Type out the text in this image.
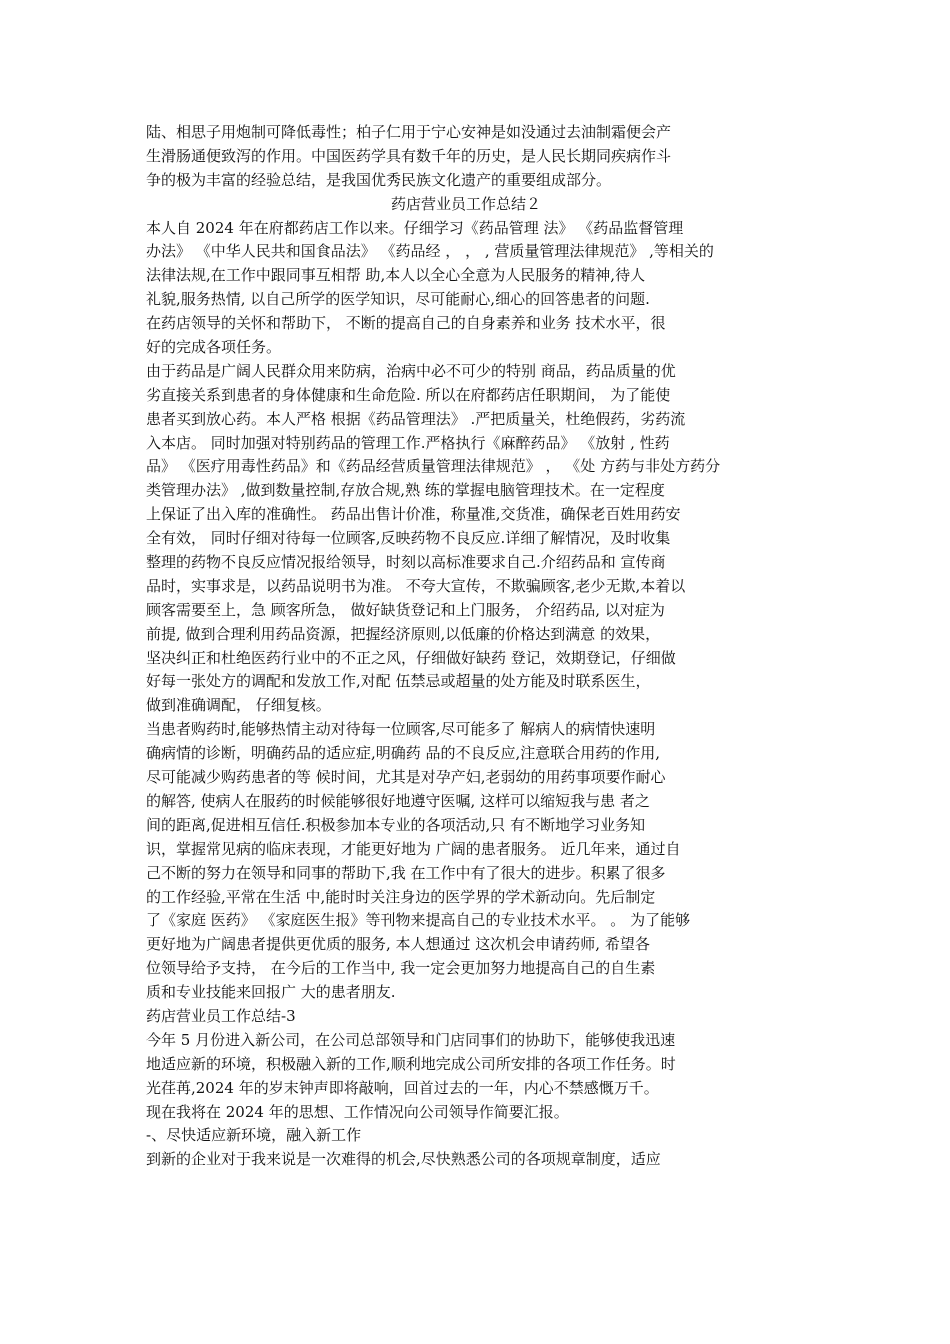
陆、相思子用炮制可降低毒性；柏子仁用于宁心安神是如没通过去油制霜便会产
生滑肠通便致泻的作用。中国医药学具有数千年的历史，是人民长期同疾病作斗
争的极为丰富的经验总结，是我国优秀民族文化遗产的重要组成部分。
药店营业员工作总结２
本人自 2024 年在府都药店工作以来。仔细学习《药品管理 法》 《药品监督管理
办法》 《中华人民共和国食品法》 《药品经 ， ， , 营质量管理法律规范》 ,等相关的
法律法规,在工作中跟同事互相帮 助,本人以全心全意为人民服务的精神,待人
礼貌,服务热情, 以自己所学的医学知识，尽可能耐心,细心的回答患者的问题.
在药店领导的关怀和帮助下， 不断的提高自己的自身素养和业务 技术水平，很
好的完成各项任务。
由于药品是广阔人民群众用来防病，治病中必不可少的特别 商品，药品质量的优
劣直接关系到患者的身体健康和生命危险. 所以在府都药店任职期间， 为了能使
患者买到放心药。本人严格 根据《药品管理法》 .严把质量关，杜绝假药，劣药流
入本店。 同时加强对特别药品的管理工作.严格执行《麻醉药品》 《放射 , 性药
品》 《医疗用毒性药品》和《药品经营质量管理法律规范》 ， 《处 方药与非处方药分
类管理办法》 ,做到数量控制,存放合规,熟 练的掌握电脑管理技术。在一定程度
上保证了出入库的准确性。 药品出售计价准，称量准,交货准，确保老百姓用药安
全有效， 同时仔细对待每一位顾客,反映药物不良反应.详细了解情况，及时收集
整理的药物不良反应情况报给领导，时刻以高标准要求自己.介绍药品和 宣传商
品时，实事求是，以药品说明书为准。 不夸大宣传，不欺骗顾客,老少无欺,本着以
顾客需要至上，急 顾客所急， 做好缺货登记和上门服务， 介绍药品, 以对症为
前提, 做到合理利用药品资源，把握经济原则,以低廉的价格达到满意 的效果，
坚决纠正和杜绝医药行业中的不正之风，仔细做好缺药 登记，效期登记，仔细做
好每一张处方的调配和发放工作,对配 伍禁忌或超量的处方能及时联系医生，
做到准确调配， 仔细复核。
当患者购药时,能够热情主动对待每一位顾客,尽可能多了 解病人的病情快速明
确病情的诊断，明确药品的适应症,明确药 品的不良反应,注意联合用药的作用,
尽可能减少购药患者的等 候时间，尤其是对孕产妇,老弱幼的用药事项要作耐心
的解答, 使病人在服药的时候能够很好地遵守医嘱, 这样可以缩短我与患 者之
间的距离,促进相互信任.积极参加本专业的各项活动,只 有不断地学习业务知
识，掌握常见病的临床表现，才能更好地为 广阔的患者服务。 近几年来，通过自
己不断的努力在领导和同事的帮助下,我 在工作中有了很大的进步。积累了很多
的工作经验,平常在生活 中,能时时关注身边的医学界的学术新动向。先后制定
了《家庭 医药》 《家庭医生报》等刊物来提高自己的专业技术水平。 。 为了能够
更好地为广阔患者提供更优质的服务, 本人想通过 这次机会申请药师, 希望各
位领导给予支持， 在今后的工作当中, 我一定会更加努力地提高自己的自生素
质和专业技能来回报广 大的患者朋友.
药店营业员工作总结-3
今年 5 月份进入新公司，在公司总部领导和门店同事们的协助下，能够使我迅速
地适应新的环境，积极融入新的工作,顺利地完成公司所安排的各项工作任务。时
光荏苒,2024 年的岁末钟声即将敲响，回首过去的一年，内心不禁感慨万千。
现在我将在 2024 年的思想、工作情况向公司领导作简要汇报。
-、尽快适应新环境，融入新工作
到新的企业对于我来说是一次难得的机会,尽快熟悉公司的各项规章制度，适应
